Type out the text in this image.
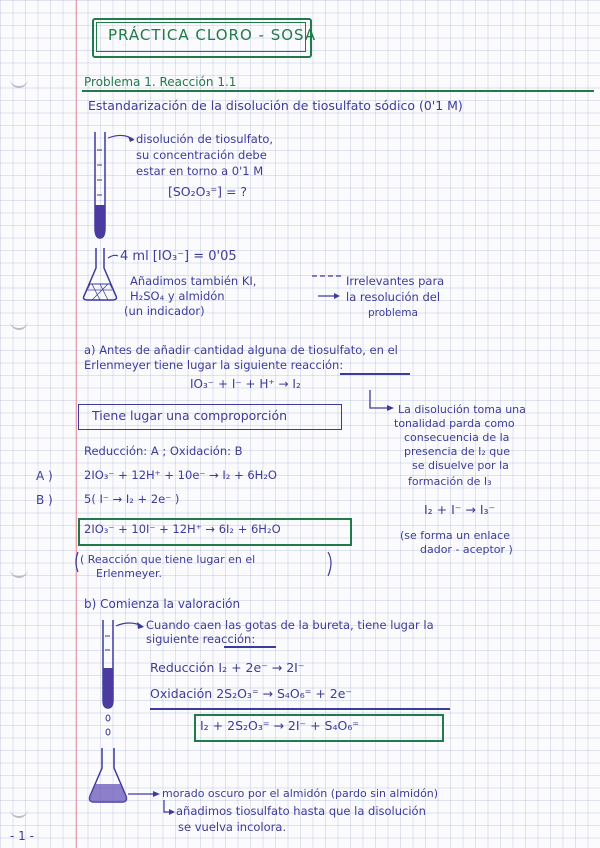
PRÁCTICA CLORO - SOSA
Problema 1. Reacción 1.1
Estandarización de la disolución de tiosulfato sódico (0'1 M)
disolución de tiosulfato,
su concentración debe
estar en torno a 0'1 M
[SO₂O₃⁼] = ?
4 ml [IO₃⁻] = 0'05
Añadimos también KI,
H₂SO₄ y almidón
(un indicador)
Irrelevantes para
la resolución del
problema
a) Antes de añadir cantidad alguna de tiosulfato, en el
Erlenmeyer tiene lugar la siguiente reacción:
IO₃⁻ + I⁻ + H⁺ → I₂
Tiene lugar una comproporción
Reducción: A ; Oxidación: B
A )
B )
2IO₃⁻ + 12H⁺ + 10e⁻ → I₂ + 6H₂O
5( I⁻ → I₂ + 2e⁻ )
2IO₃⁻ + 10I⁻ + 12H⁺ → 6I₂ + 6H₂O
( Reacción que tiene lugar en el
Erlenmeyer.
La disolución toma una
tonalidad parda como
consecuencia de la
presencia de I₂ que
se disuelve por la
formación de I₃
I₂ + I⁻ → I₃⁻
(se forma un enlace
dador - aceptor )
b) Comienza la valoración
Cuando caen las gotas de la bureta, tiene lugar la
siguiente reacción:
Reducción I₂ + 2e⁻ → 2I⁻
Oxidación 2S₂O₃⁼ → S₄O₆⁼ + 2e⁻
I₂ + 2S₂O₃⁼ → 2I⁻ + S₄O₆⁼
morado oscuro por el almidón (pardo sin almidón)
añadimos tiosulfato hasta que la disolución
se vuelva incolora.
- 1 -
